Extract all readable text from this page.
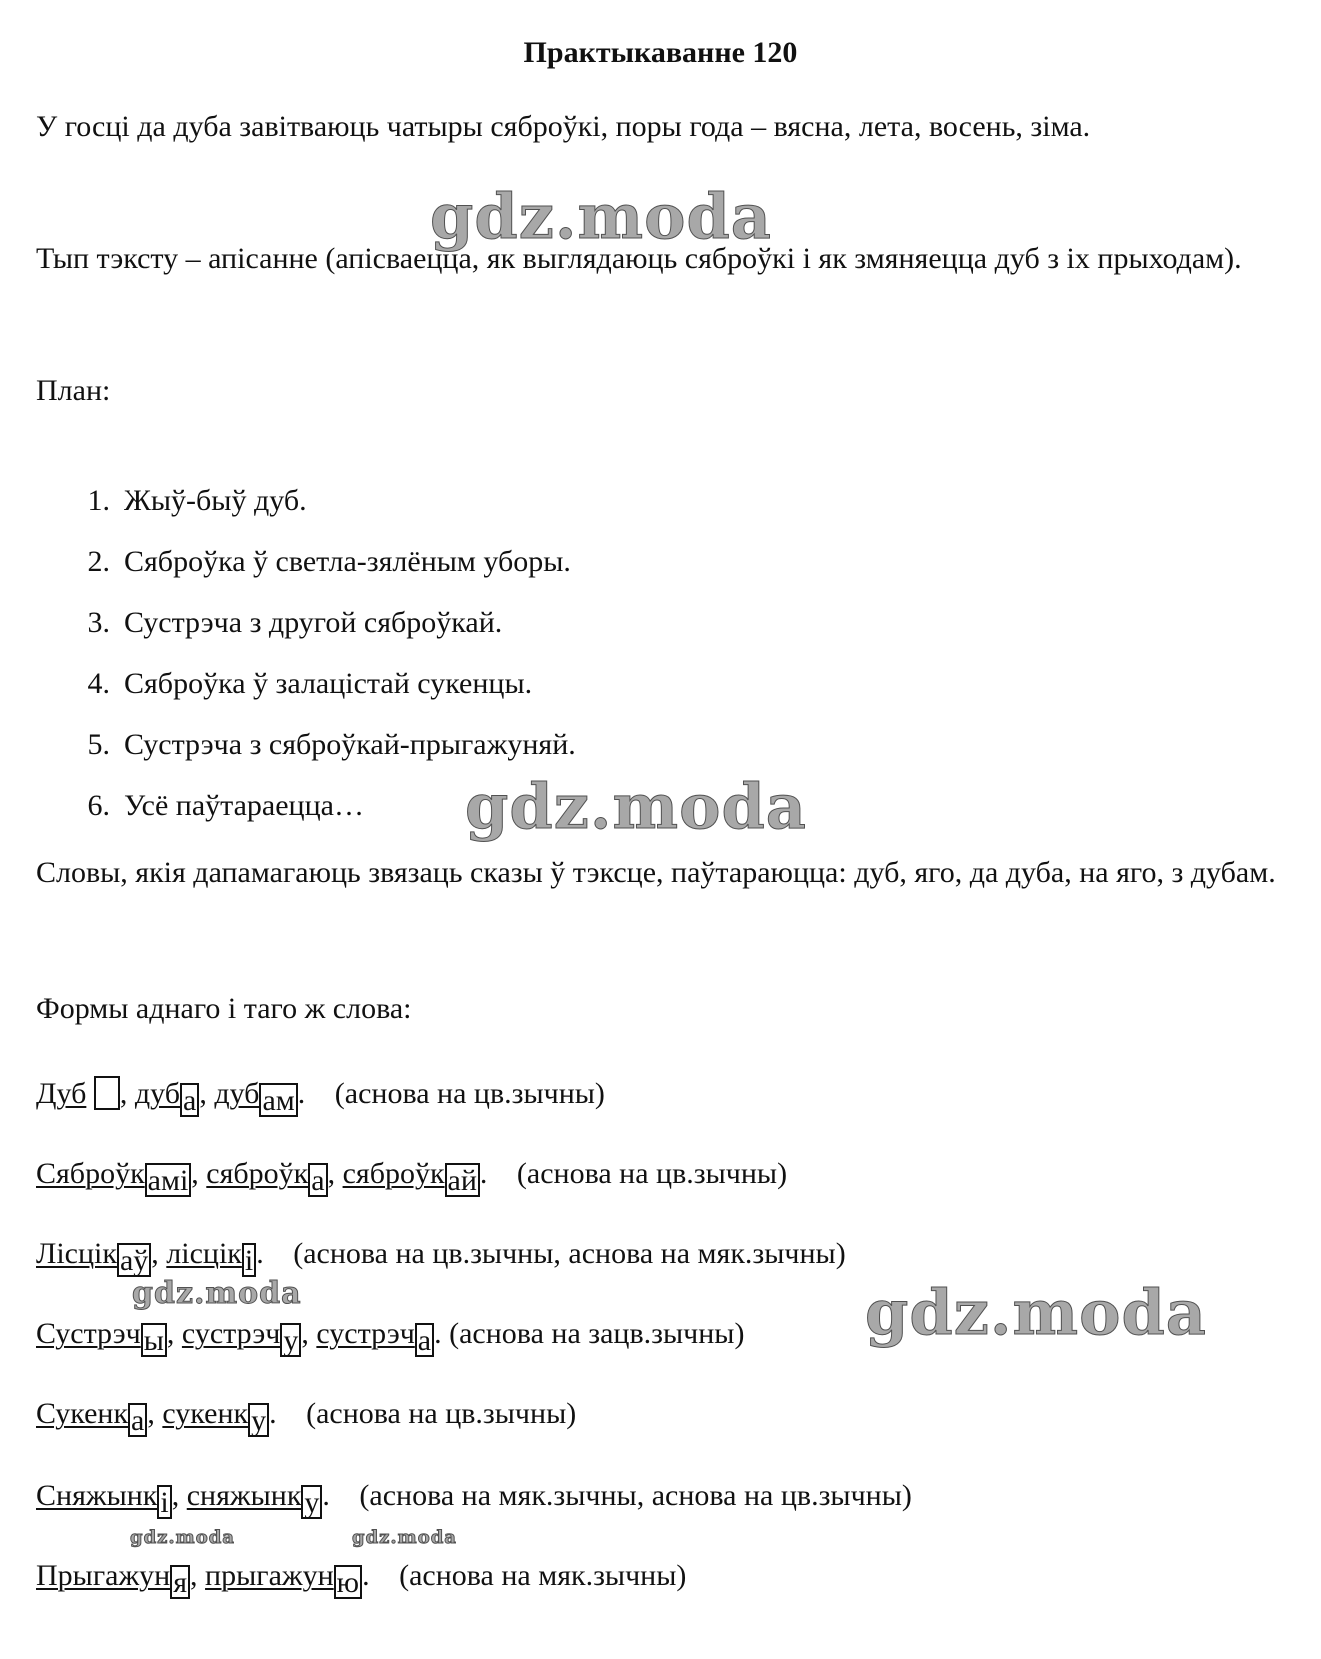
Практыкаванне 120
У госці да дуба завітваюць чатыры сяброўкі, поры года – вясна, лета, восень, зіма.
Тып тэксту – апісанне (апісваецца, як выглядаюць сяброўкі і як змяняецца дуб з іх прыходам).
План:
1. Жыў-быў дуб.
2. Сяброўка ў светла-зялёным уборы.
3. Сустрэча з другой сяброўкай.
4. Сяброўка ў залацістай сукенцы.
5. Сустрэча з сяброўкай-прыгажуняй.
6. Усё паўтараецца…
Словы, якія дапамагаюць звязаць сказы ў тэксце, паўтараюцца: дуб, яго, да дуба, на яго, з дубам.
Формы аднаго і таго ж слова:
Дуб , дуб а , дуб ам . (аснова на цв.зычны)
Сяброўк амі , сяброўк а , сяброўк ай . (аснова на цв.зычны)
Лісцік аў , лісцік і . (аснова на цв.зычны, аснова на мяк.зычны)
Сустрэч ы , сустрэч у , сустрэч а . (аснова на зацв.зычны)
Сукенк а , сукенк у . (аснова на цв.зычны)
Сняжынк і , сняжынк у . (аснова на мяк.зычны, аснова на цв.зычны)
Прыгажун я , прыгажун ю . (аснова на мяк.зычны)
gdz.moda
gdz.moda
gdz.moda	gdz.moda
gdz.moda	gdz.moda
